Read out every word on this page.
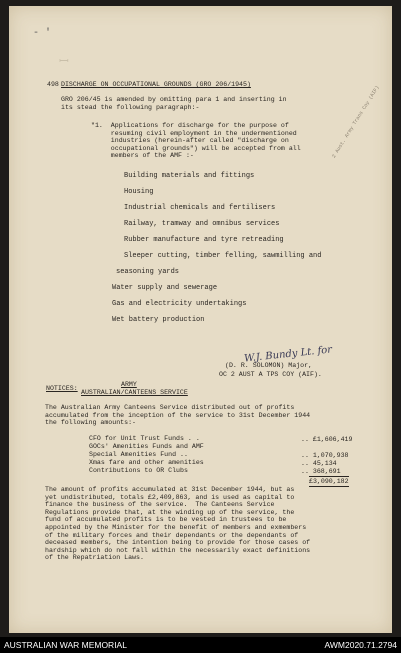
- '
ꟷ
498 DISCHARGE ON OCCUPATIONAL GROUNDS (GRO 206/1945)
GRO 206/45 is amended by omitting para 1 and inserting in
its stead the following paragraph:-
"1.  Applications for discharge for the purpose of
resuming civil employment in the undermentioned
industries (herein-after called "discharge on
occupational grounds") will be accepted from all
members of the AMF :-
Building materials and fittings
Housing
Industrial chemicals and fertilisers
Railway, tramway and omnibus services
Rubber manufacture and tyre retreading
Sleeper cutting, timber felling, sawmilling and
seasoning yards
Water supply and sewerage
Gas and electricity undertakings
Wet battery production
2 Aust. Army Trans Coy (AIF)
W.J. Bundy Lt. for
(D. R. SOLOMON) Major,
OC 2 AUST A TPS COY (AIF).
NOTICES:
ARMY
AUSTRALIAN/CANTEENS SERVICE
The Australian Army Canteens Service distributed out of profits
accumulated from the inception of the service to 31st December 1944
the following amounts:-
CFO for Unit Trust Funds . .	.. £1,606,419
GOCs' Amenities Funds and AMF
Special Amenities Fund ..	.. 1,070,938
Xmas fare and other amenities	.. 45,134
Contributions to OR Clubs	.. 368,691
£3,090,182
The amount of profits accumulated at 31st December 1944, but as
yet undistributed, totals £2,409,863, and is used as capital to
finance the business of the service.  The Canteens Service
Regulations provide that, at the winding up of the service, the
fund of accumulated profits is to be vested in trustees to be
appointed by the Minister for the benefit of members and exmembers
of the military forces and their dependants or the dependants of
deceased members, the intention being to provide for those cases of
hardship which do not fall within the necessarily exact definitions
of the Repatriation Laws.
AUSTRALIAN WAR MEMORIAL	AWM2020.71.2794
